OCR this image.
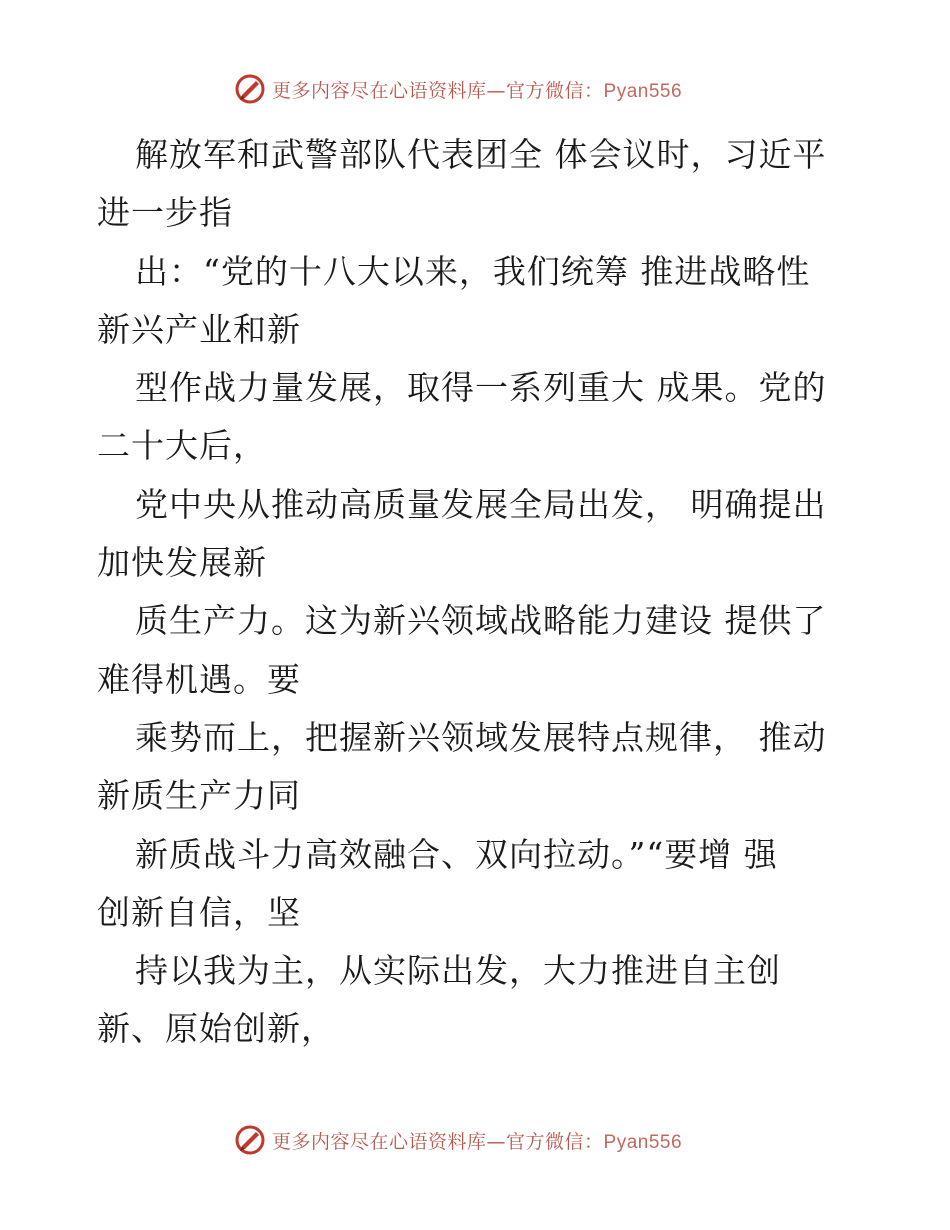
更多内容尽在心语资料库—官方微信：Pyan556
解放军和武警部队代表团全 体会议时，习近平
进一步指
出：“党的十八大以来，我们统筹 推进战略性
新兴产业和新
型作战力量发展，取得一系列重大 成果。党的
二十大后，
党中央从推动高质量发展全局出发， 明确提出
加快发展新
质生产力。这为新兴领域战略能力建设 提供了
难得机遇。要
乘势而上，把握新兴领域发展特点规律， 推动
新质生产力同
新质战斗力高效融合、双向拉动。”“要增 强
创新自信，坚
持以我为主，从实际出发，大力推进自主创
新、原始创新，
更多内容尽在心语资料库—官方微信：Pyan556
